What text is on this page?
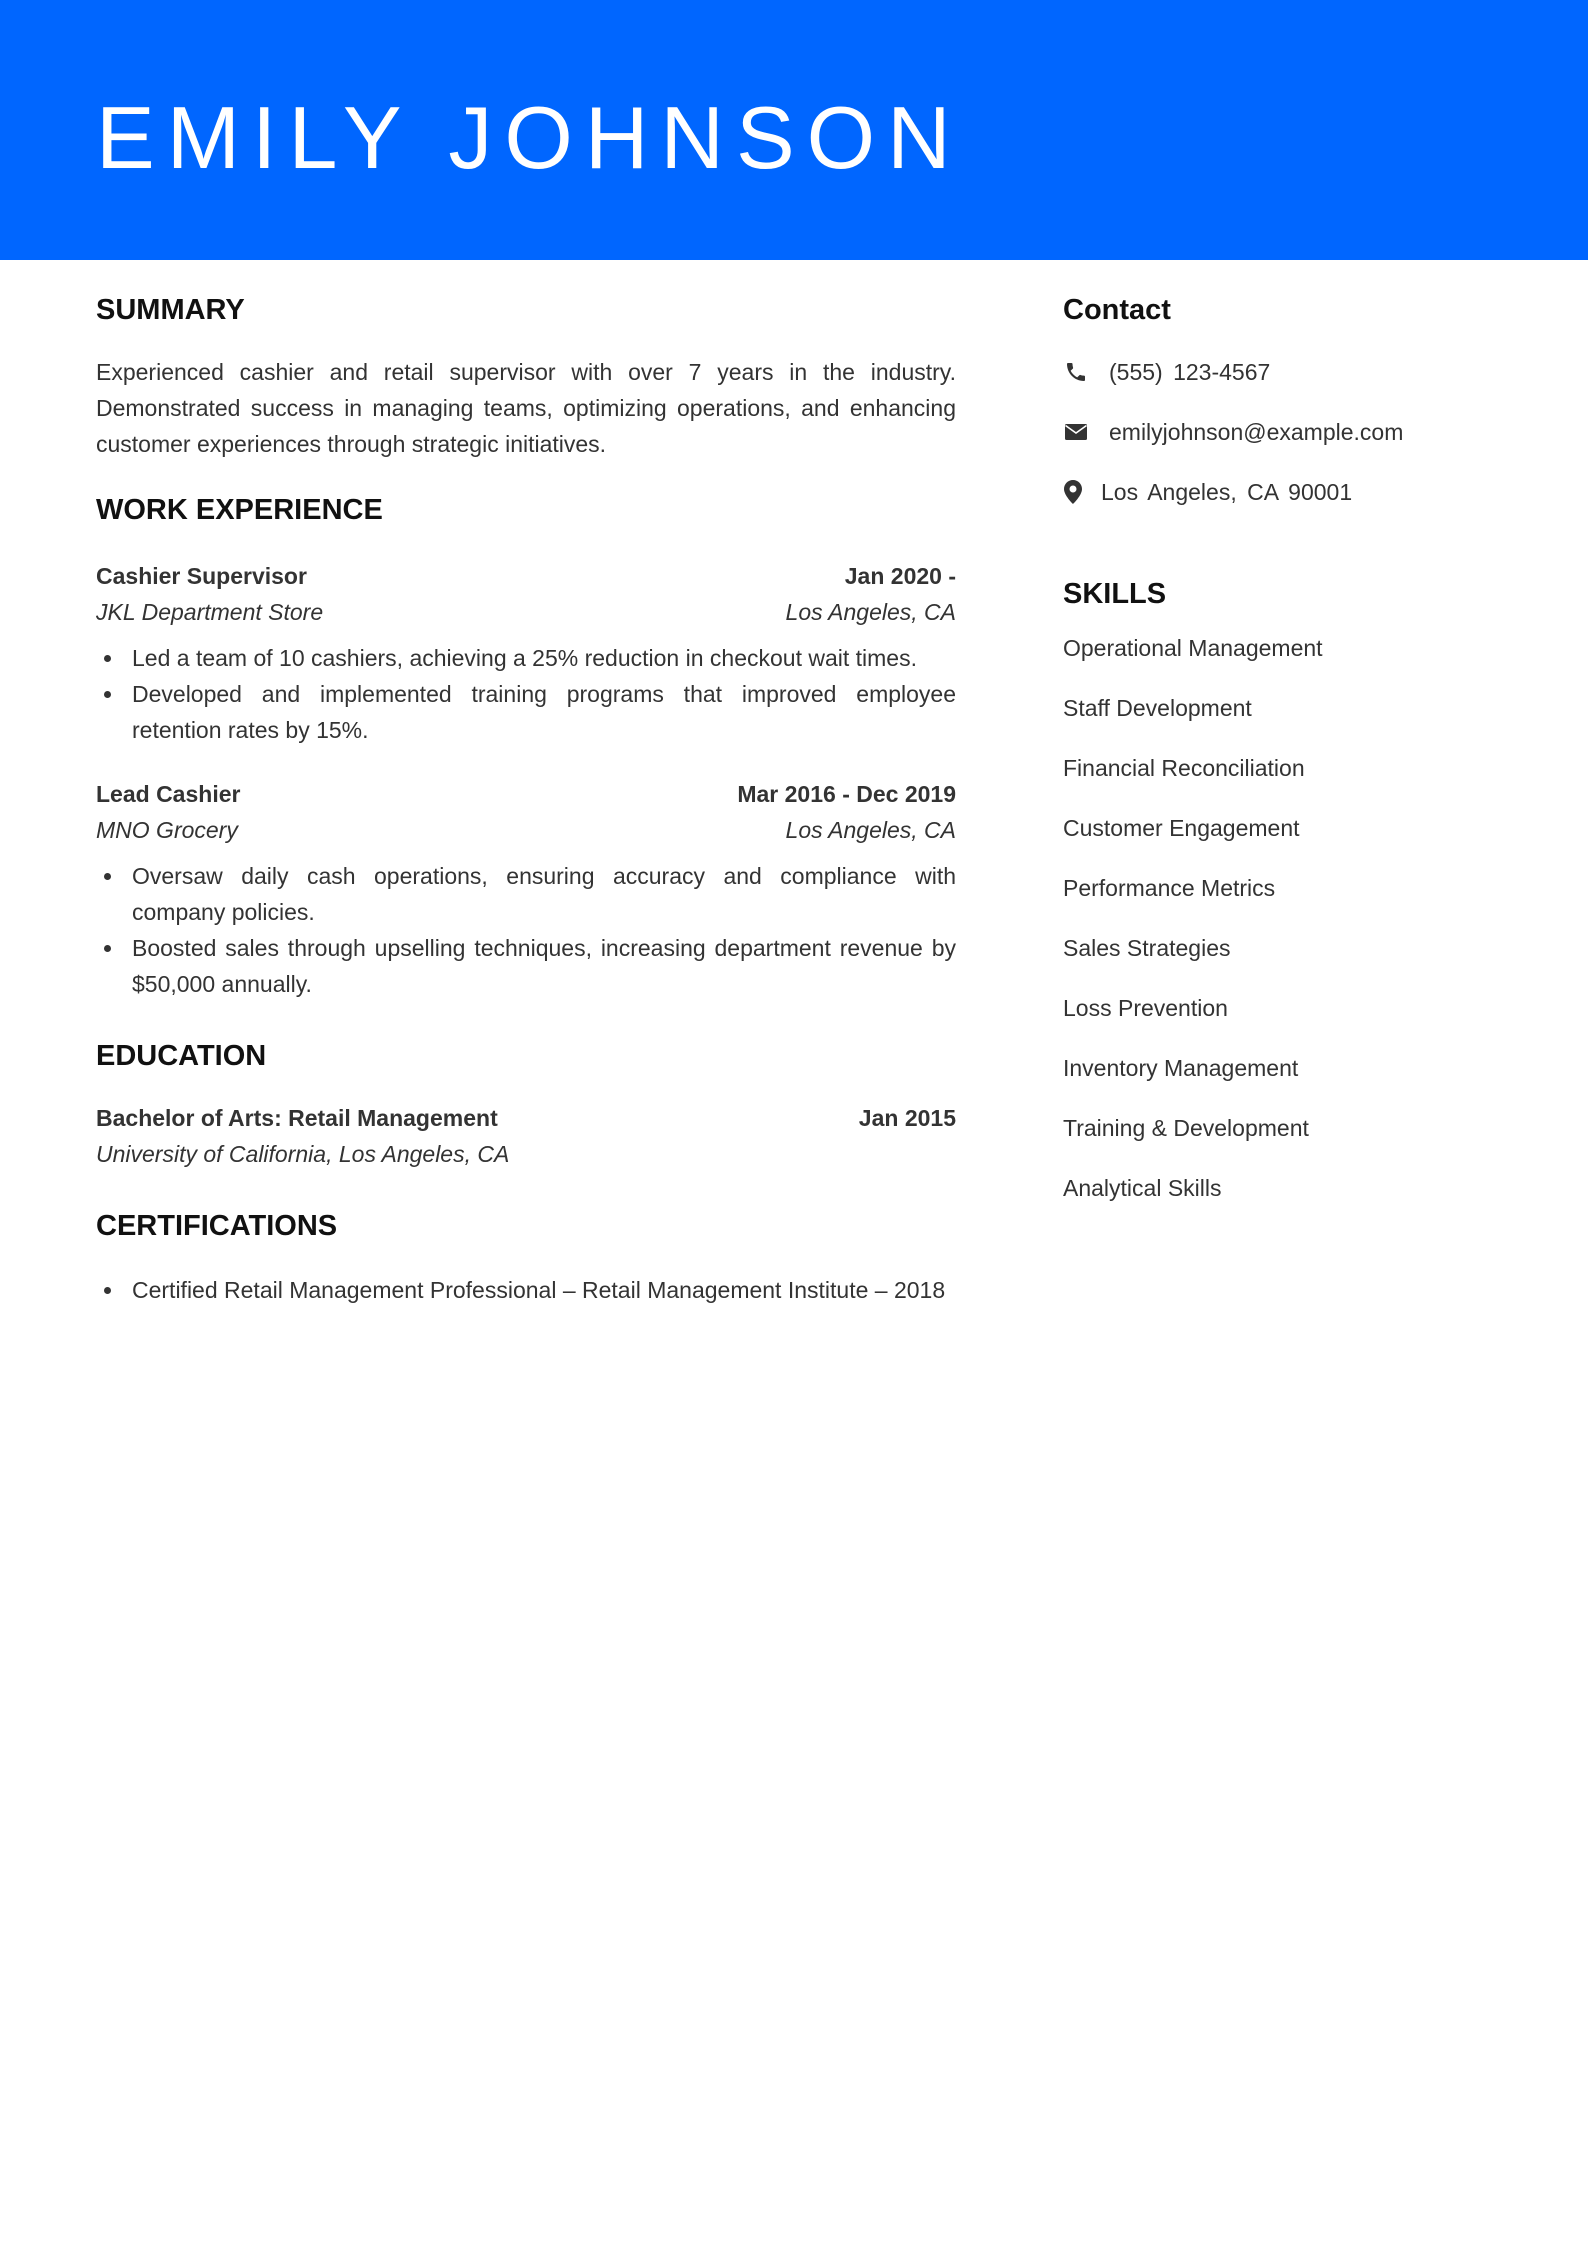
EMILY JOHNSON
SUMMARY

Experienced cashier and retail supervisor with over 7 years in the industry. Demonstrated success in managing teams, optimizing operations, and enhancing customer experiences through strategic initiatives.

WORK EXPERIENCE
Cashier Supervisor	Jan 2020 -
JKL Department Store	Los Angeles, CA
Led a team of 10 cashiers, achieving a 25% reduction in checkout wait times.
Developed and implemented training programs that improved employee retention rates by 15%.
Lead Cashier	Mar 2016 - Dec 2019
MNO Grocery	Los Angeles, CA
Oversaw daily cash operations, ensuring accuracy and compliance with company policies.
Boosted sales through upselling techniques, increasing department revenue by $50,000 annually.
EDUCATION
Bachelor of Arts: Retail Management	Jan 2015
University of California, Los Angeles, CA
CERTIFICATIONS
Certified Retail Management Professional – Retail Management Institute – 2018
Contact
(555) 123-4567
emilyjohnson@example.com
Los Angeles, CA 90001
SKILLS
Operational Management
Staff Development
Financial Reconciliation
Customer Engagement
Performance Metrics
Sales Strategies
Loss Prevention
Inventory Management
Training & Development
Analytical Skills
